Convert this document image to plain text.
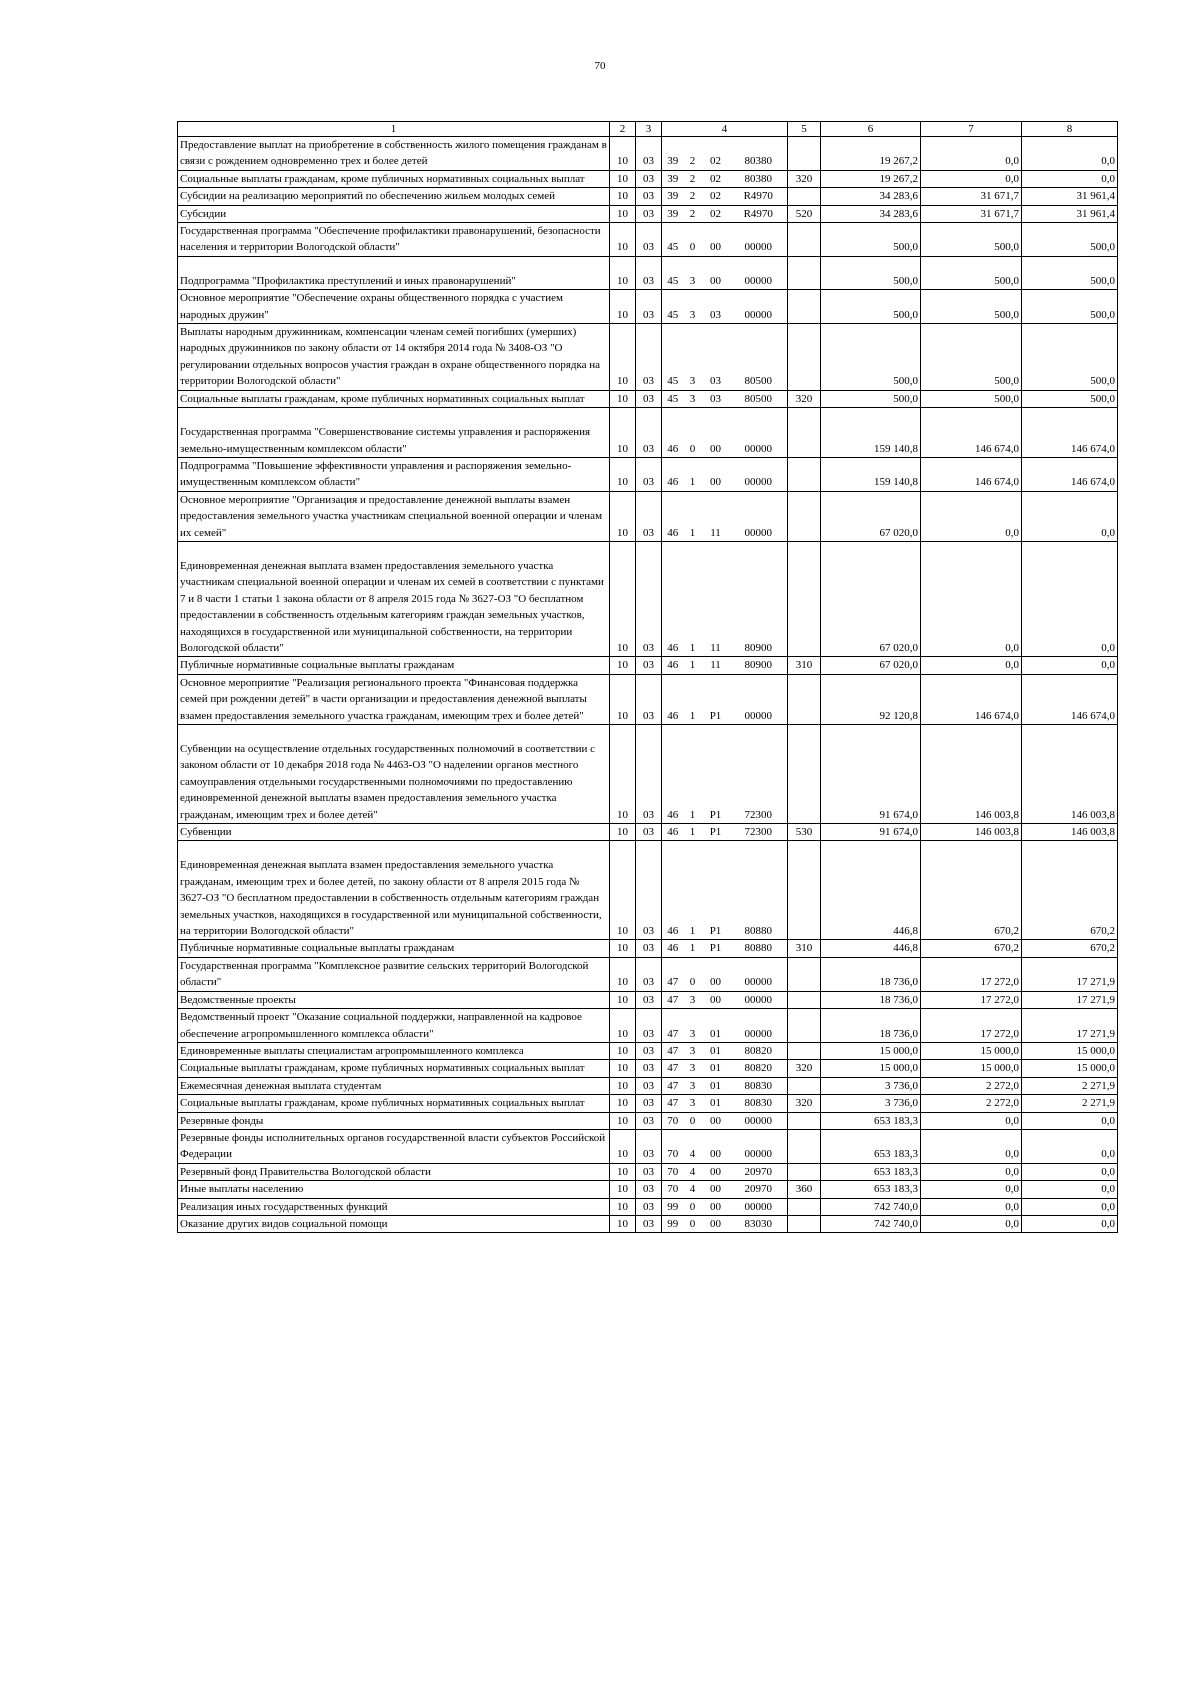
70
1	2	3	4				5	6	7	8
Предоставление выплат на приобретение в собственность жилого помещения гражданам в связи с рождением одновременно трех и более детей	10	03	39	2	02	80380		19 267,2	0,0	0,0
Социальные выплаты гражданам, кроме публичных нормативных социальных выплат	10	03	39	2	02	80380	320	19 267,2	0,0	0,0
Субсидии на реализацию мероприятий по обеспечению жильем молодых семей	10	03	39	2	02	R4970		34 283,6	31 671,7	31 961,4
Субсидии	10	03	39	2	02	R4970	520	34 283,6	31 671,7	31 961,4
Государственная программа "Обеспечение профилактики правонарушений, безопасности населения и территории Вологодской области"	10	03	45	0	00	00000		500,0	500,0	500,0
Подпрограмма "Профилактика преступлений и иных правонарушений"	10	03	45	3	00	00000		500,0	500,0	500,0
Основное мероприятие "Обеспечение охраны общественного порядка с участием народных дружин"	10	03	45	3	03	00000		500,0	500,0	500,0
Выплаты народным дружинникам, компенсации членам семей погибших (умерших) народных дружинников по закону области от 14 октября 2014 года № 3408-ОЗ "О регулировании отдельных вопросов участия граждан в охране общественного порядка на территории Вологодской области"	10	03	45	3	03	80500		500,0	500,0	500,0
Социальные выплаты гражданам, кроме публичных нормативных социальных выплат	10	03	45	3	03	80500	320	500,0	500,0	500,0
Государственная программа "Совершенствование системы управления и распоряжения земельно-имущественным комплексом области"	10	03	46	0	00	00000		159 140,8	146 674,0	146 674,0
Подпрограмма "Повышение эффективности управления и распоряжения земельно-имущественным комплексом области"	10	03	46	1	00	00000		159 140,8	146 674,0	146 674,0
Основное мероприятие "Организация и предоставление денежной выплаты взамен предоставления земельного участка участникам специальной военной операции и членам их семей"	10	03	46	1	11	00000		67 020,0	0,0	0,0
Единовременная денежная выплата взамен предоставления земельного участка участникам специальной военной операции и членам их семей в соответствии с пунктами 7 и 8 части 1 статьи 1 закона области от 8 апреля 2015 года № 3627-ОЗ "О бесплатном предоставлении в собственность отдельным категориям граждан земельных участков, находящихся в государственной или муниципальной собственности, на территории Вологодской области"	10	03	46	1	11	80900		67 020,0	0,0	0,0
Публичные нормативные социальные выплаты гражданам	10	03	46	1	11	80900	310	67 020,0	0,0	0,0
Основное мероприятие "Реализация регионального проекта "Финансовая поддержка семей при рождении детей" в части организации и предоставления денежной выплаты взамен предоставления земельного участка гражданам, имеющим трех и более детей"	10	03	46	1	P1	00000		92 120,8	146 674,0	146 674,0
Субвенции на осуществление отдельных государственных полномочий в соответствии с законом области от 10 декабря 2018 года № 4463-ОЗ "О наделении органов местного самоуправления отдельными государственными полномочиями по предоставлению единовременной денежной выплаты взамен предоставления земельного участка гражданам, имеющим трех и более детей"	10	03	46	1	P1	72300		91 674,0	146 003,8	146 003,8
Субвенции	10	03	46	1	P1	72300	530	91 674,0	146 003,8	146 003,8
Единовременная денежная выплата взамен предоставления земельного участка гражданам, имеющим трех и более детей, по закону области от 8 апреля 2015 года № 3627-ОЗ "О бесплатном предоставлении в собственность отдельным категориям граждан земельных участков, находящихся в государственной или муниципальной собственности, на территории Вологодской области"	10	03	46	1	P1	80880		446,8	670,2	670,2
Публичные нормативные социальные выплаты гражданам	10	03	46	1	P1	80880	310	446,8	670,2	670,2
Государственная программа "Комплексное развитие сельских территорий Вологодской области"	10	03	47	0	00	00000		18 736,0	17 272,0	17 271,9
Ведомственные проекты	10	03	47	3	00	00000		18 736,0	17 272,0	17 271,9
Ведомственный проект "Оказание социальной поддержки, направленной на кадровое обеспечение агропромышленного комплекса области"	10	03	47	3	01	00000		18 736,0	17 272,0	17 271,9
Единовременные выплаты специалистам агропромышленного комплекса	10	03	47	3	01	80820		15 000,0	15 000,0	15 000,0
Социальные выплаты гражданам, кроме публичных нормативных социальных выплат	10	03	47	3	01	80820	320	15 000,0	15 000,0	15 000,0
Ежемесячная денежная выплата студентам	10	03	47	3	01	80830		3 736,0	2 272,0	2 271,9
Социальные выплаты гражданам, кроме публичных нормативных социальных выплат	10	03	47	3	01	80830	320	3 736,0	2 272,0	2 271,9
Резервные фонды	10	03	70	0	00	00000		653 183,3	0,0	0,0
Резервные фонды исполнительных органов государственной власти субъектов Российской Федерации	10	03	70	4	00	00000		653 183,3	0,0	0,0
Резервный фонд Правительства Вологодской области	10	03	70	4	00	20970		653 183,3	0,0	0,0
Иные выплаты населению	10	03	70	4	00	20970	360	653 183,3	0,0	0,0
Реализация иных государственных функций	10	03	99	0	00	00000		742 740,0	0,0	0,0
Оказание других видов социальной помощи	10	03	99	0	00	83030		742 740,0	0,0	0,0
